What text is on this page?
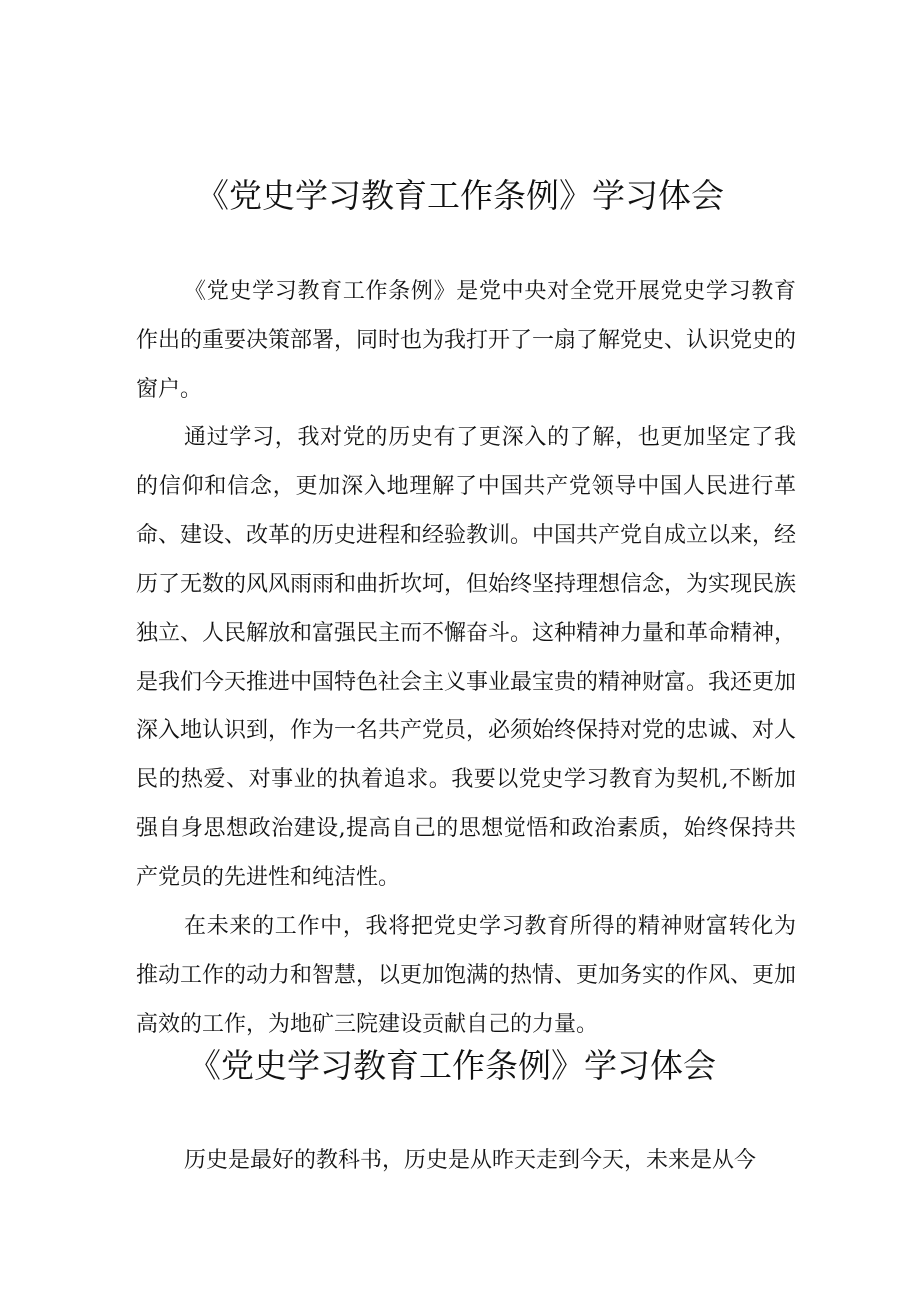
《党史学习教育工作条例》学习体会

《党史学习教育工作条例》是党中央对全党开展党史学习教育作出的重要决策部署，同时也为我打开了一扇了解党史、认识党史的窗户。

通过学习，我对党的历史有了更深入的了解，也更加坚定了我的信仰和信念，更加深入地理解了中国共产党领导中国人民进行革命、建设、改革的历史进程和经验教训。中国共产党自成立以来，经历了无数的风风雨雨和曲折坎坷，但始终坚持理想信念，为实现民族独立、人民解放和富强民主而不懈奋斗。这种精神力量和革命精神，是我们今天推进中国特色社会主义事业最宝贵的精神财富。我还更加深入地认识到，作为一名共产党员，必须始终保持对党的忠诚、对人民的热爱、对事业的执着追求。我要以党史学习教育为契机,不断加强自身思想政治建设,提高自己的思想觉悟和政治素质，始终保持共产党员的先进性和纯洁性。

在未来的工作中，我将把党史学习教育所得的精神财富转化为推动工作的动力和智慧，以更加饱满的热情、更加务实的作风、更加高效的工作，为地矿三院建设贡献自己的力量。

《党史学习教育工作条例》学习体会

历史是最好的教科书，历史是从昨天走到今天，未来是从今
